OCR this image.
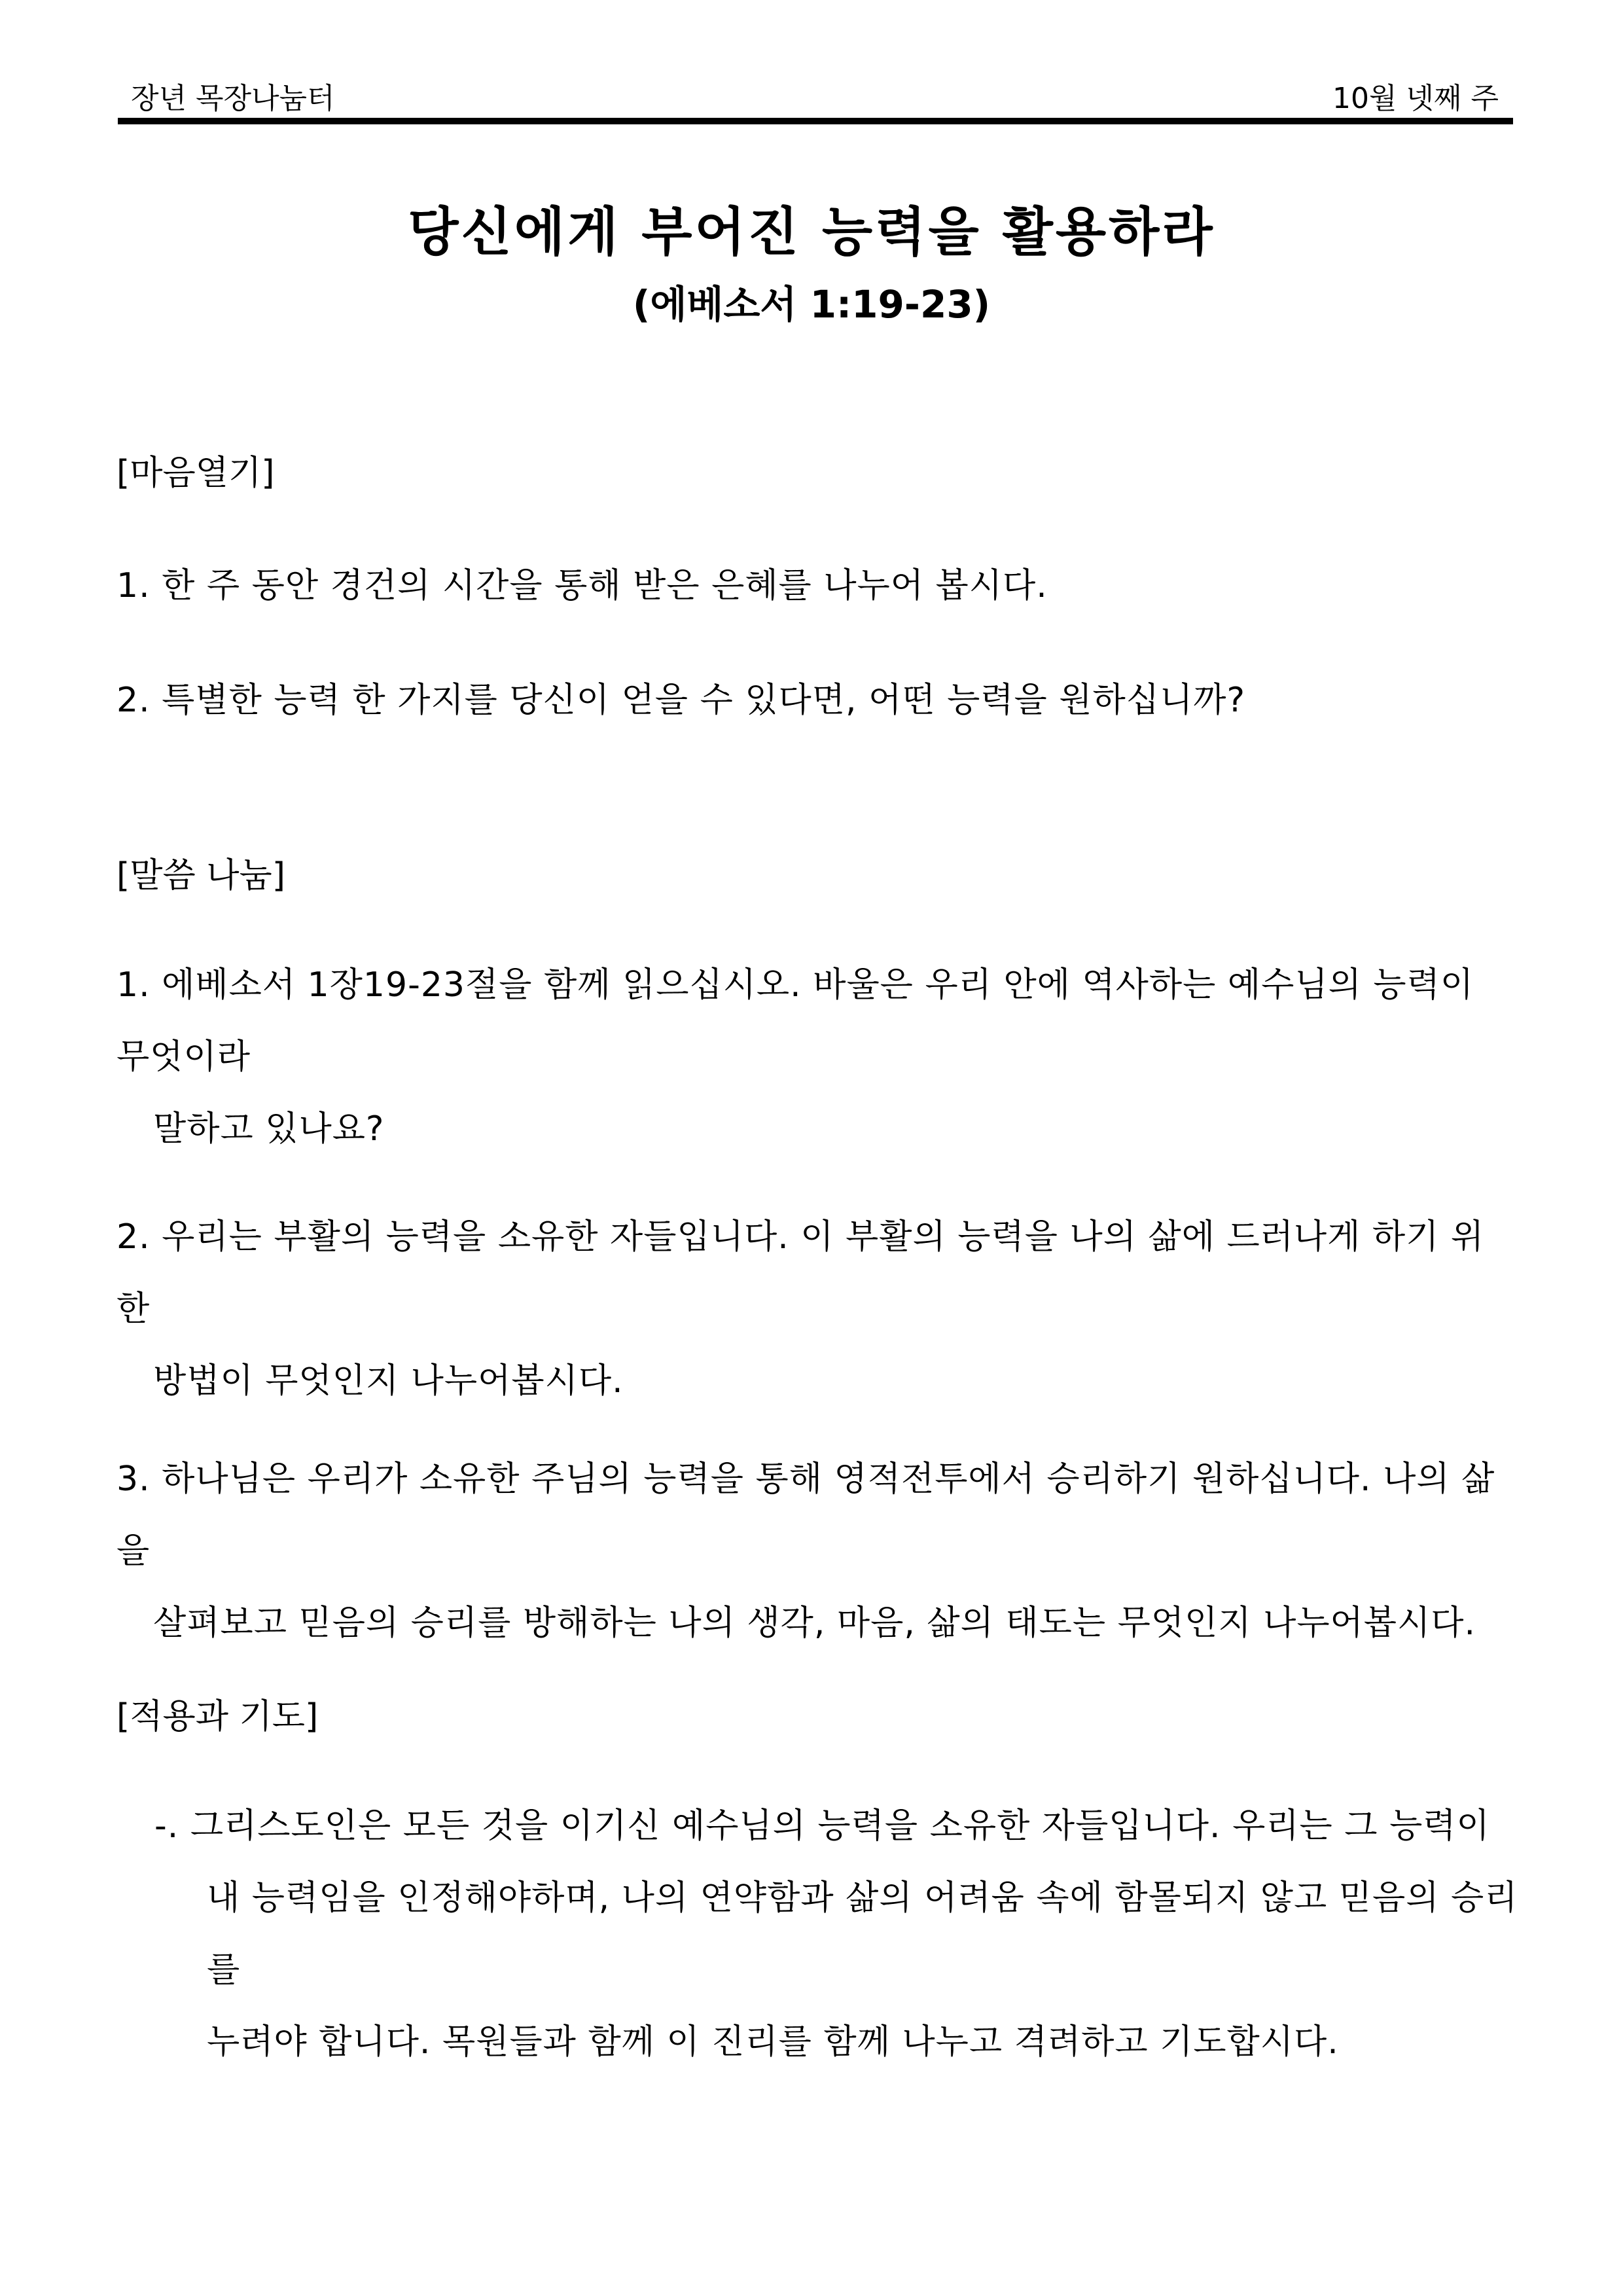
장년 목장나눔터	10월 넷째 주
당신에게 부어진 능력을 활용하라
(에베소서 1:19-23)
[마음열기]
1. 한 주 동안 경건의 시간을 통해 받은 은혜를 나누어 봅시다.
2. 특별한 능력 한 가지를 당신이 얻을 수 있다면, 어떤 능력을 원하십니까?
[말씀 나눔]
1. 에베소서 1장19-23절을 함께 읽으십시오. 바울은 우리 안에 역사하는 예수님의 능력이 무엇이라
말하고 있나요?
2. 우리는 부활의 능력을 소유한 자들입니다. 이 부활의 능력을 나의 삶에 드러나게 하기 위한
방법이 무엇인지 나누어봅시다.
3. 하나님은 우리가 소유한 주님의 능력을 통해 영적전투에서 승리하기 원하십니다. 나의 삶을
살펴보고 믿음의 승리를 방해하는 나의 생각, 마음, 삶의 태도는 무엇인지 나누어봅시다.
[적용과 기도]
-. 그리스도인은 모든 것을 이기신 예수님의 능력을 소유한 자들입니다. 우리는 그 능력이
내 능력임을 인정해야하며, 나의 연약함과 삶의 어려움 속에 함몰되지 않고 믿음의 승리를
누려야 합니다. 목원들과 함께 이 진리를 함께 나누고 격려하고 기도합시다.
